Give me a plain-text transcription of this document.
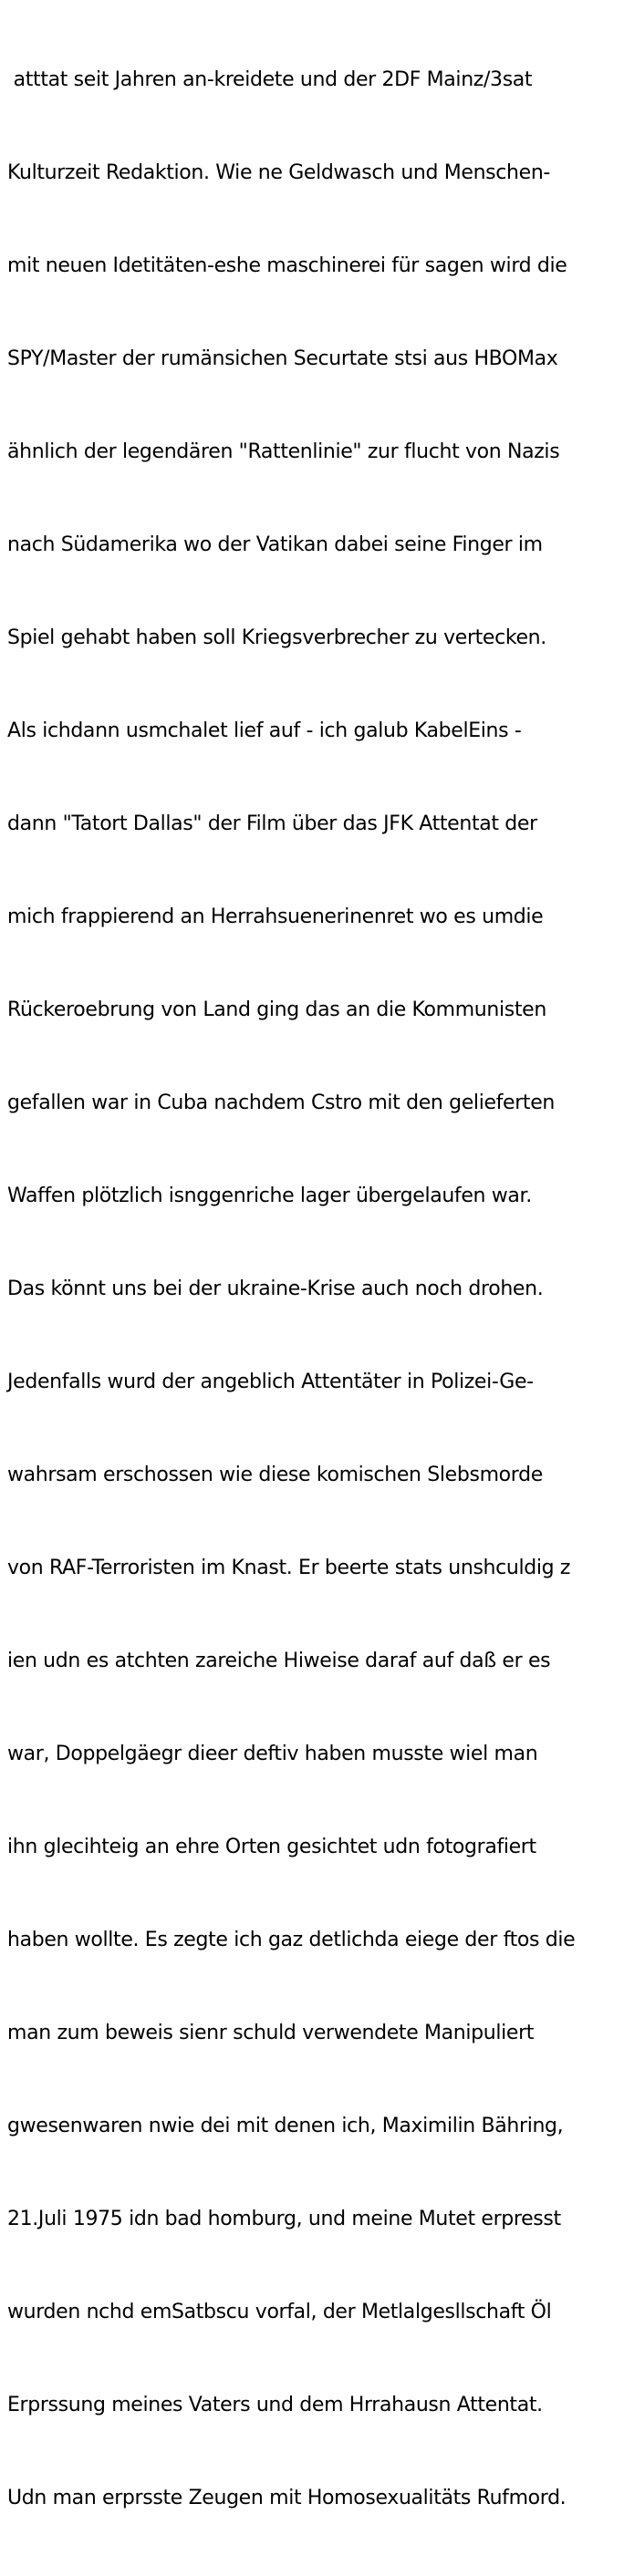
atttat seit Jahren an-kreidete und der 2DF Mainz/3sat

Kulturzeit Redaktion. Wie ne Geldwasch und Menschen-

mit neuen Idetitäten-eshe maschinerei für sagen wird die

SPY/Master der rumänsichen Securtate stsi aus HBOMax

ähnlich der legendären "Rattenlinie" zur flucht von Nazis

nach Südamerika wo der Vatikan dabei seine Finger im

Spiel gehabt haben soll Kriegsverbrecher zu vertecken.

Als ichdann usmchalet lief auf - ich galub KabelEins -

dann "Tatort Dallas" der Film über das JFK Attentat der

mich frappierend an Herrahsuenerinenret wo es umdie

Rückeroebrung von Land ging das an die Kommunisten

gefallen war in Cuba nachdem Cstro mit den gelieferten

Waffen plötzlich isnggenriche lager übergelaufen war.

Das könnt uns bei der ukraine-Krise auch noch drohen.

Jedenfalls wurd der angeblich Attentäter in Polizei-Ge-

wahrsam erschossen wie diese komischen Slebsmorde

von RAF-Terroristen im Knast. Er beerte stats unshculdig z

ien udn es atchten zareiche Hiweise daraf auf daß er es

war, Doppelgäegr dieer deftiv haben musste wiel man

ihn glecihteig an ehre Orten gesichtet udn fotografiert

haben wollte. Es zegte ich gaz detlichda eiege der ftos die

man zum beweis sienr schuld verwendete Manipuliert

gwesenwaren nwie dei mit denen ich, Maximilin Bähring,

21.Juli 1975 idn bad homburg, und meine Mutet erpresst

wurden nchd emSatbscu vorfal, der Metlalgesllschaft Öl

Erprssung meines Vaters und dem Hrrahausn Attentat.

Udn man erprsste Zeugen mit Homosexualitäts Rufmord.
